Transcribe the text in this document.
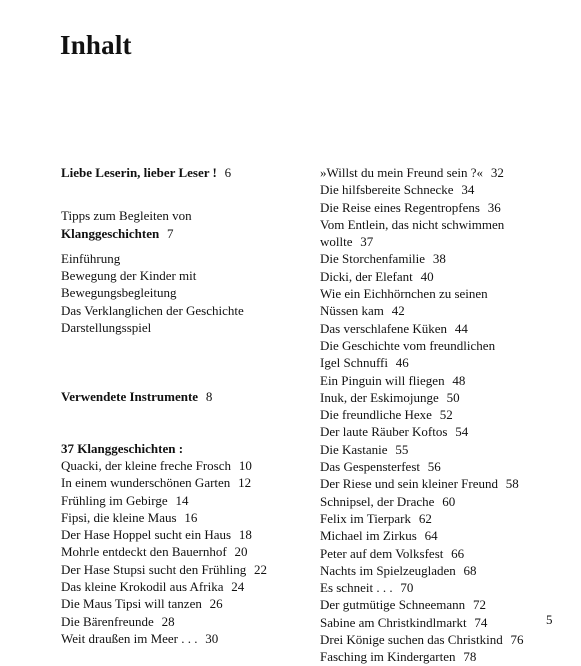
Inhalt
Liebe Leserin, lieber Leser ! 6
Tipps zum Begleiten von
Klanggeschichten 7
Einführung
Bewegung der Kinder mit
Bewegungsbegleitung
Das Verklanglichen der Geschichte
Darstellungsspiel
Verwendete Instrumente 8
37 Klanggeschichten :
Quacki, der kleine freche Frosch 10
In einem wunderschönen Garten 12
Frühling im Gebirge 14
Fipsi, die kleine Maus 16
Der Hase Hoppel sucht ein Haus 18
Mohrle entdeckt den Bauernhof 20
Der Hase Stupsi sucht den Frühling 22
Das kleine Krokodil aus Afrika 24
Die Maus Tipsi will tanzen 26
Die Bärenfreunde 28
Weit draußen im Meer . . . 30
»Willst du mein Freund sein ?« 32
Die hilfsbereite Schnecke 34
Die Reise eines Regentropfens 36
Vom Entlein, das nicht schwimmen
wollte 37
Die Storchenfamilie 38
Dicki, der Elefant 40
Wie ein Eichhörnchen zu seinen
Nüssen kam 42
Das verschlafene Küken 44
Die Geschichte vom freundlichen
Igel Schnuffi 46
Ein Pinguin will fliegen 48
Inuk, der Eskimojunge 50
Die freundliche Hexe 52
Der laute Räuber Koftos 54
Die Kastanie 55
Das Gespensterfest 56
Der Riese und sein kleiner Freund 58
Schnipsel, der Drache 60
Felix im Tierpark 62
Michael im Zirkus 64
Peter auf dem Volksfest 66
Nachts im Spielzeugladen 68
Es schneit . . . 70
Der gutmütige Schneemann 72
Sabine am Christkindlmarkt 74
Drei Könige suchen das Christkind 76
Fasching im Kindergarten 78
5
